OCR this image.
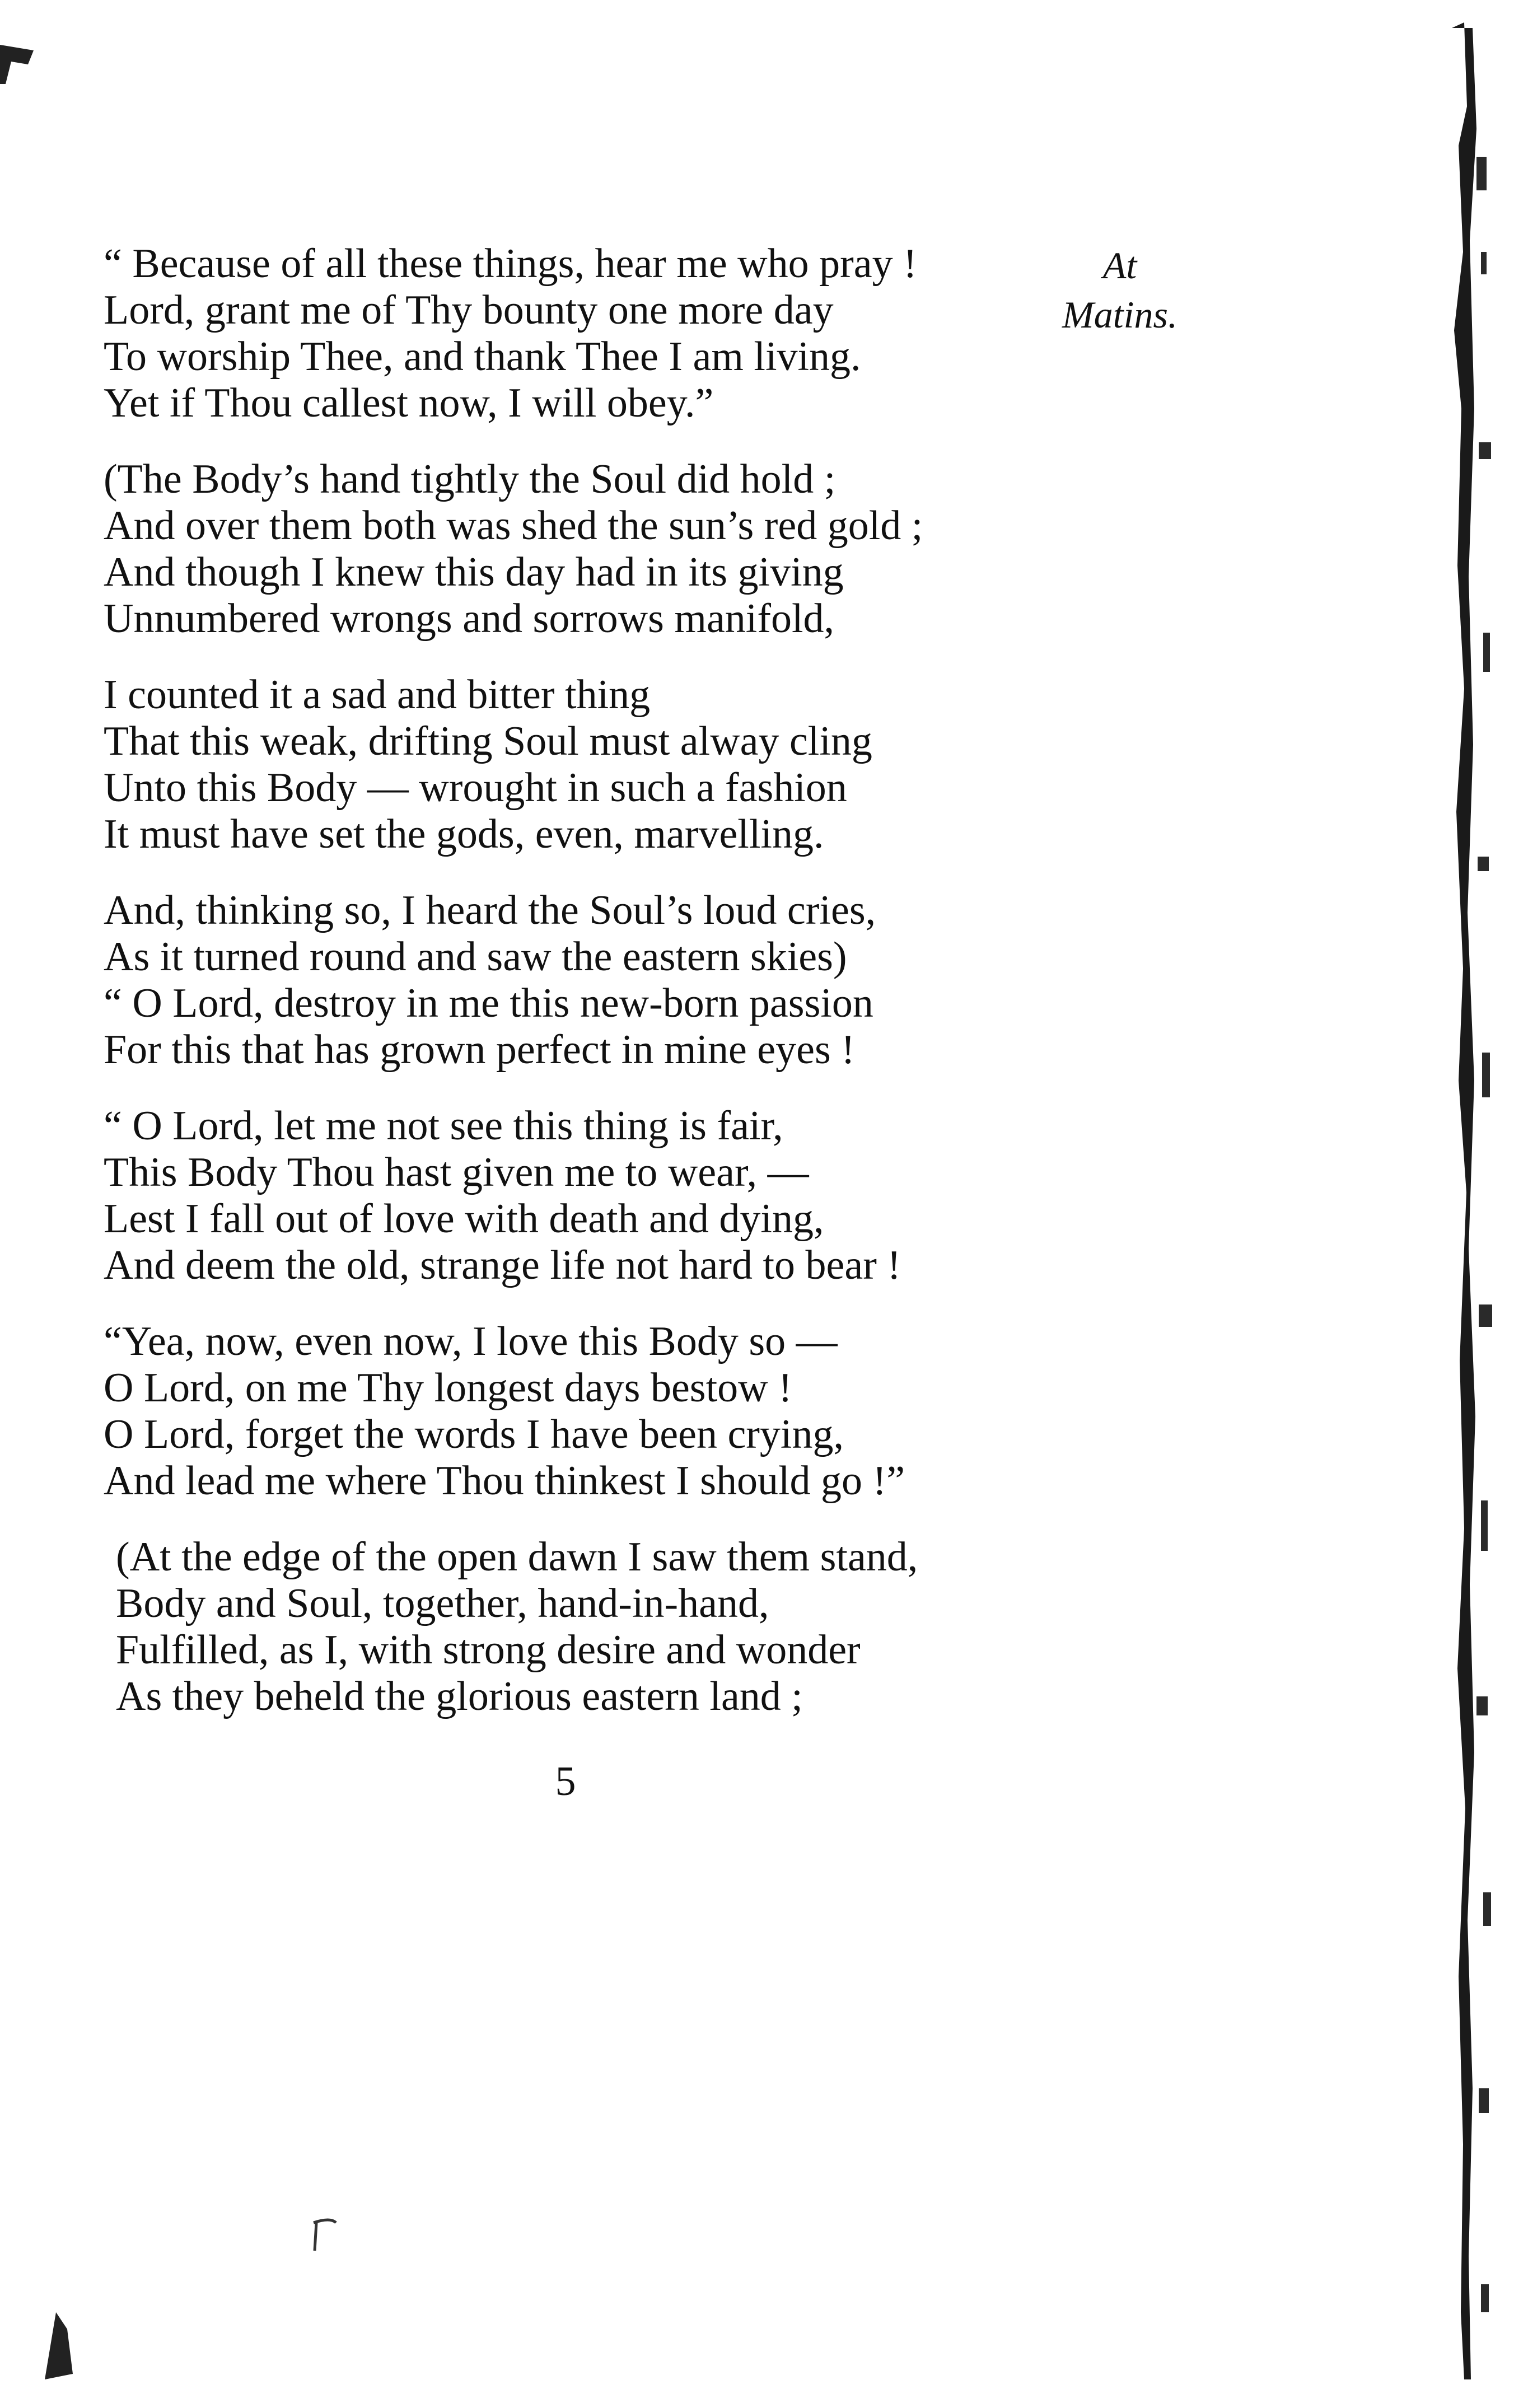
At
Matins.
“ Because of all these things, hear me who pray !
Lord, grant me of Thy bounty one more day
To worship Thee, and thank Thee I am living.
Yet if Thou callest now, I will obey.”
(The Body’s hand tightly the Soul did hold ;
And over them both was shed the sun’s red gold ;
And though I knew this day had in its giving
Unnumbered wrongs and sorrows manifold,
I counted it a sad and bitter thing
That this weak, drifting Soul must alway cling
Unto this Body — wrought in such a fashion
It must have set the gods, even, marvelling.
And, thinking so, I heard the Soul’s loud cries,
As it turned round and saw the eastern skies)
“ O Lord, destroy in me this new-born passion
For this that has grown perfect in mine eyes !
“ O Lord, let me not see this thing is fair,
This Body Thou hast given me to wear, —
Lest I fall out of love with death and dying,
And deem the old, strange life not hard to bear !
“Yea, now, even now, I love this Body so —
O Lord, on me Thy longest days bestow !
O Lord, forget the words I have been crying,
And lead me where Thou thinkest I should go !”
(At the edge of the open dawn I saw them stand,
Body and Soul, together, hand-in-hand,
Fulfilled, as I, with strong desire and wonder
As they beheld the glorious eastern land ;
5
